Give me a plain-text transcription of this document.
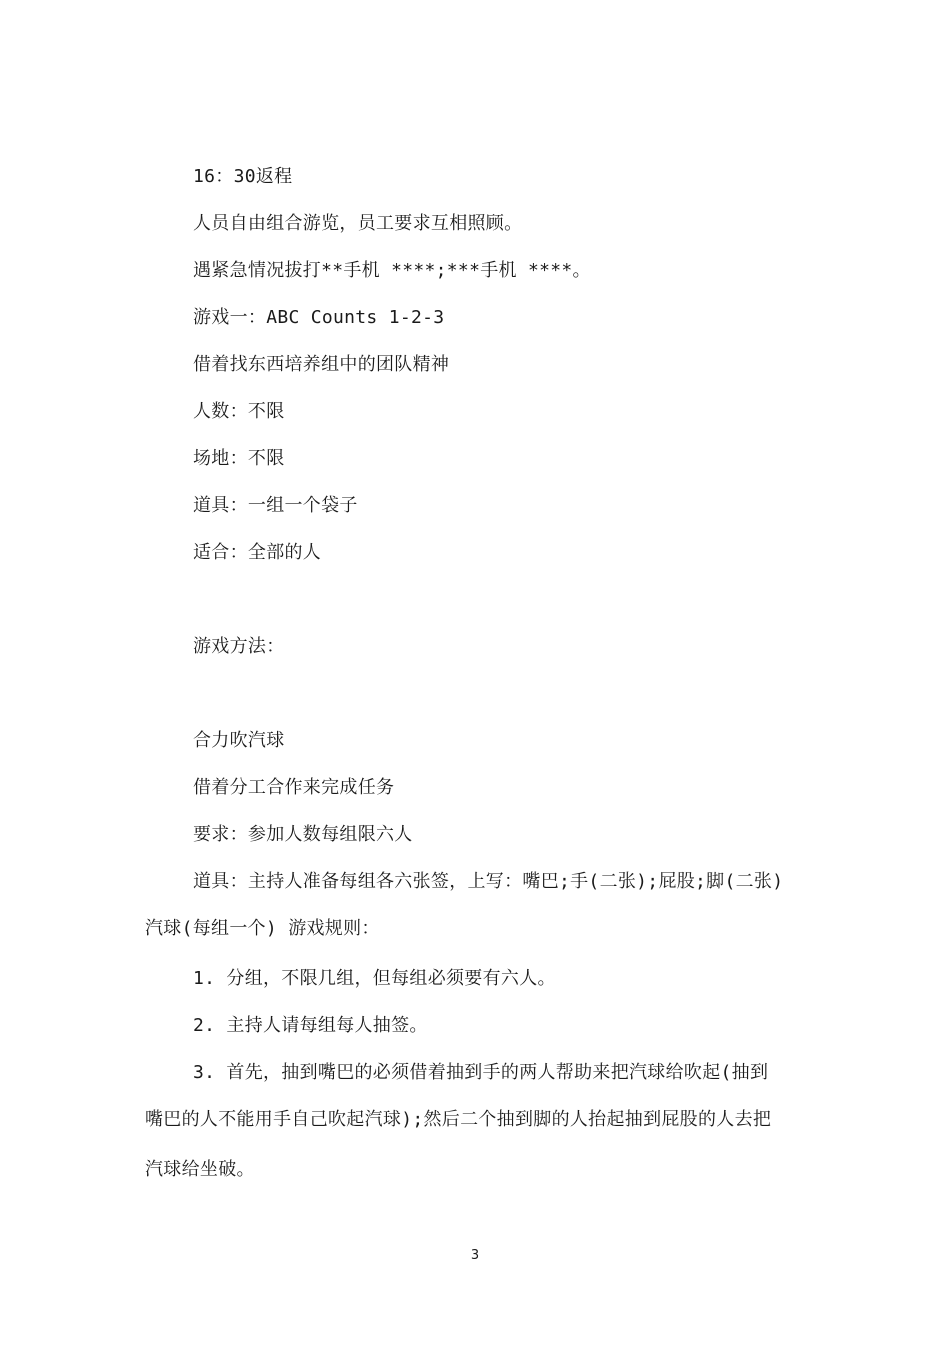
16：30返程
人员自由组合游览，员工要求互相照顾。
遇紧急情况拔打**手机 ****;***手机 ****。
游戏一：ABC Counts 1-2-3
借着找东西培养组中的团队精神
人数：不限
场地：不限
道具：一组一个袋子
适合：全部的人
游戏方法：
合力吹汽球
借着分工合作来完成任务
要求：参加人数每组限六人
道具：主持人准备每组各六张签，上写：嘴巴;手(二张);屁股;脚(二张)
汽球(每组一个) 游戏规则：
1. 分组，不限几组，但每组必须要有六人。
2. 主持人请每组每人抽签。
3. 首先，抽到嘴巴的必须借着抽到手的两人帮助来把汽球给吹起(抽到
嘴巴的人不能用手自己吹起汽球);然后二个抽到脚的人抬起抽到屁股的人去把
汽球给坐破。
3
